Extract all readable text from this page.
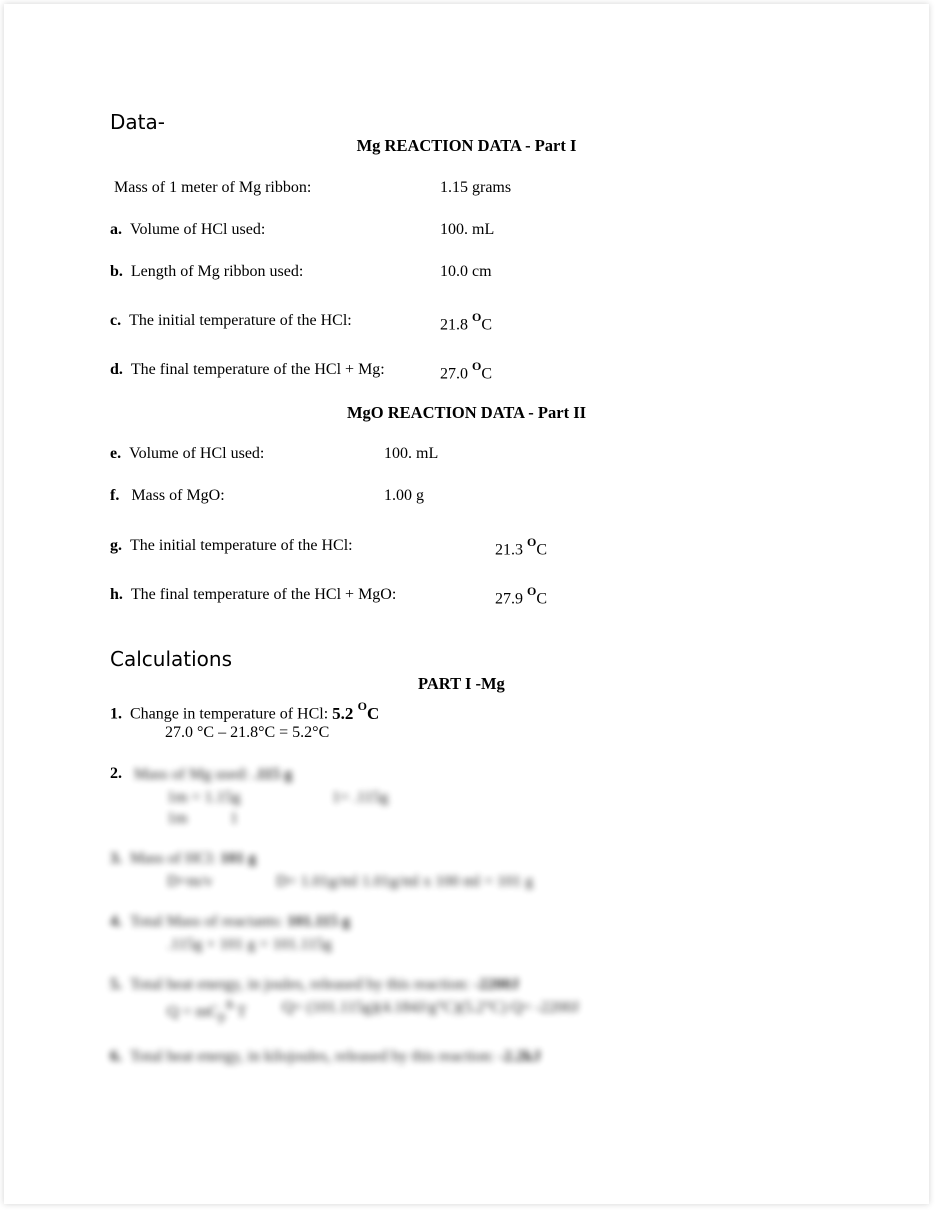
Data-
Mg REACTION DATA - Part I
Mass of 1 meter of Mg ribbon:	1.15 grams
a. Volume of HCl used:	100. mL
b. Length of Mg ribbon used:	10.0 cm
c. The initial temperature of the HCl:	21.8 $^O$C
d. The final temperature of the HCl + Mg:	27.0 $^O$C
MgO REACTION DATA - Part II
e. Volume of HCl used:	100. mL
f. Mass of MgO:	1.00 g
g. The initial temperature of the HCl:	21.3 $^O$C
h. The final temperature of the HCl + MgO:	27.9 $^O$C
Calculations
PART I -Mg
1. Change in temperature of HCl: 5.2 $^O$C
27.0 °C – 21.8°C = 5.2°C
2. Mass of Mg used: .115 g
1m = 1.15g	1= .115g
1m	1
3. Mass of HCl: 101 g
D=m/v	D= 1.01g/ml 1.01g/ml x 100 ml = 101 g
4. Total Mass of reactants: 101.115 g
.115g + 101 g = 101.115g
5. Total heat energy, in joules, released by this reaction: -2200J
$Q = mC_p^\Delta$ T Q= (101.115g)(4.184J/g°C)(5.2°C) Q= -2200J
6. Total heat energy, in kilojoules, released by this reaction: -2.2kJ
